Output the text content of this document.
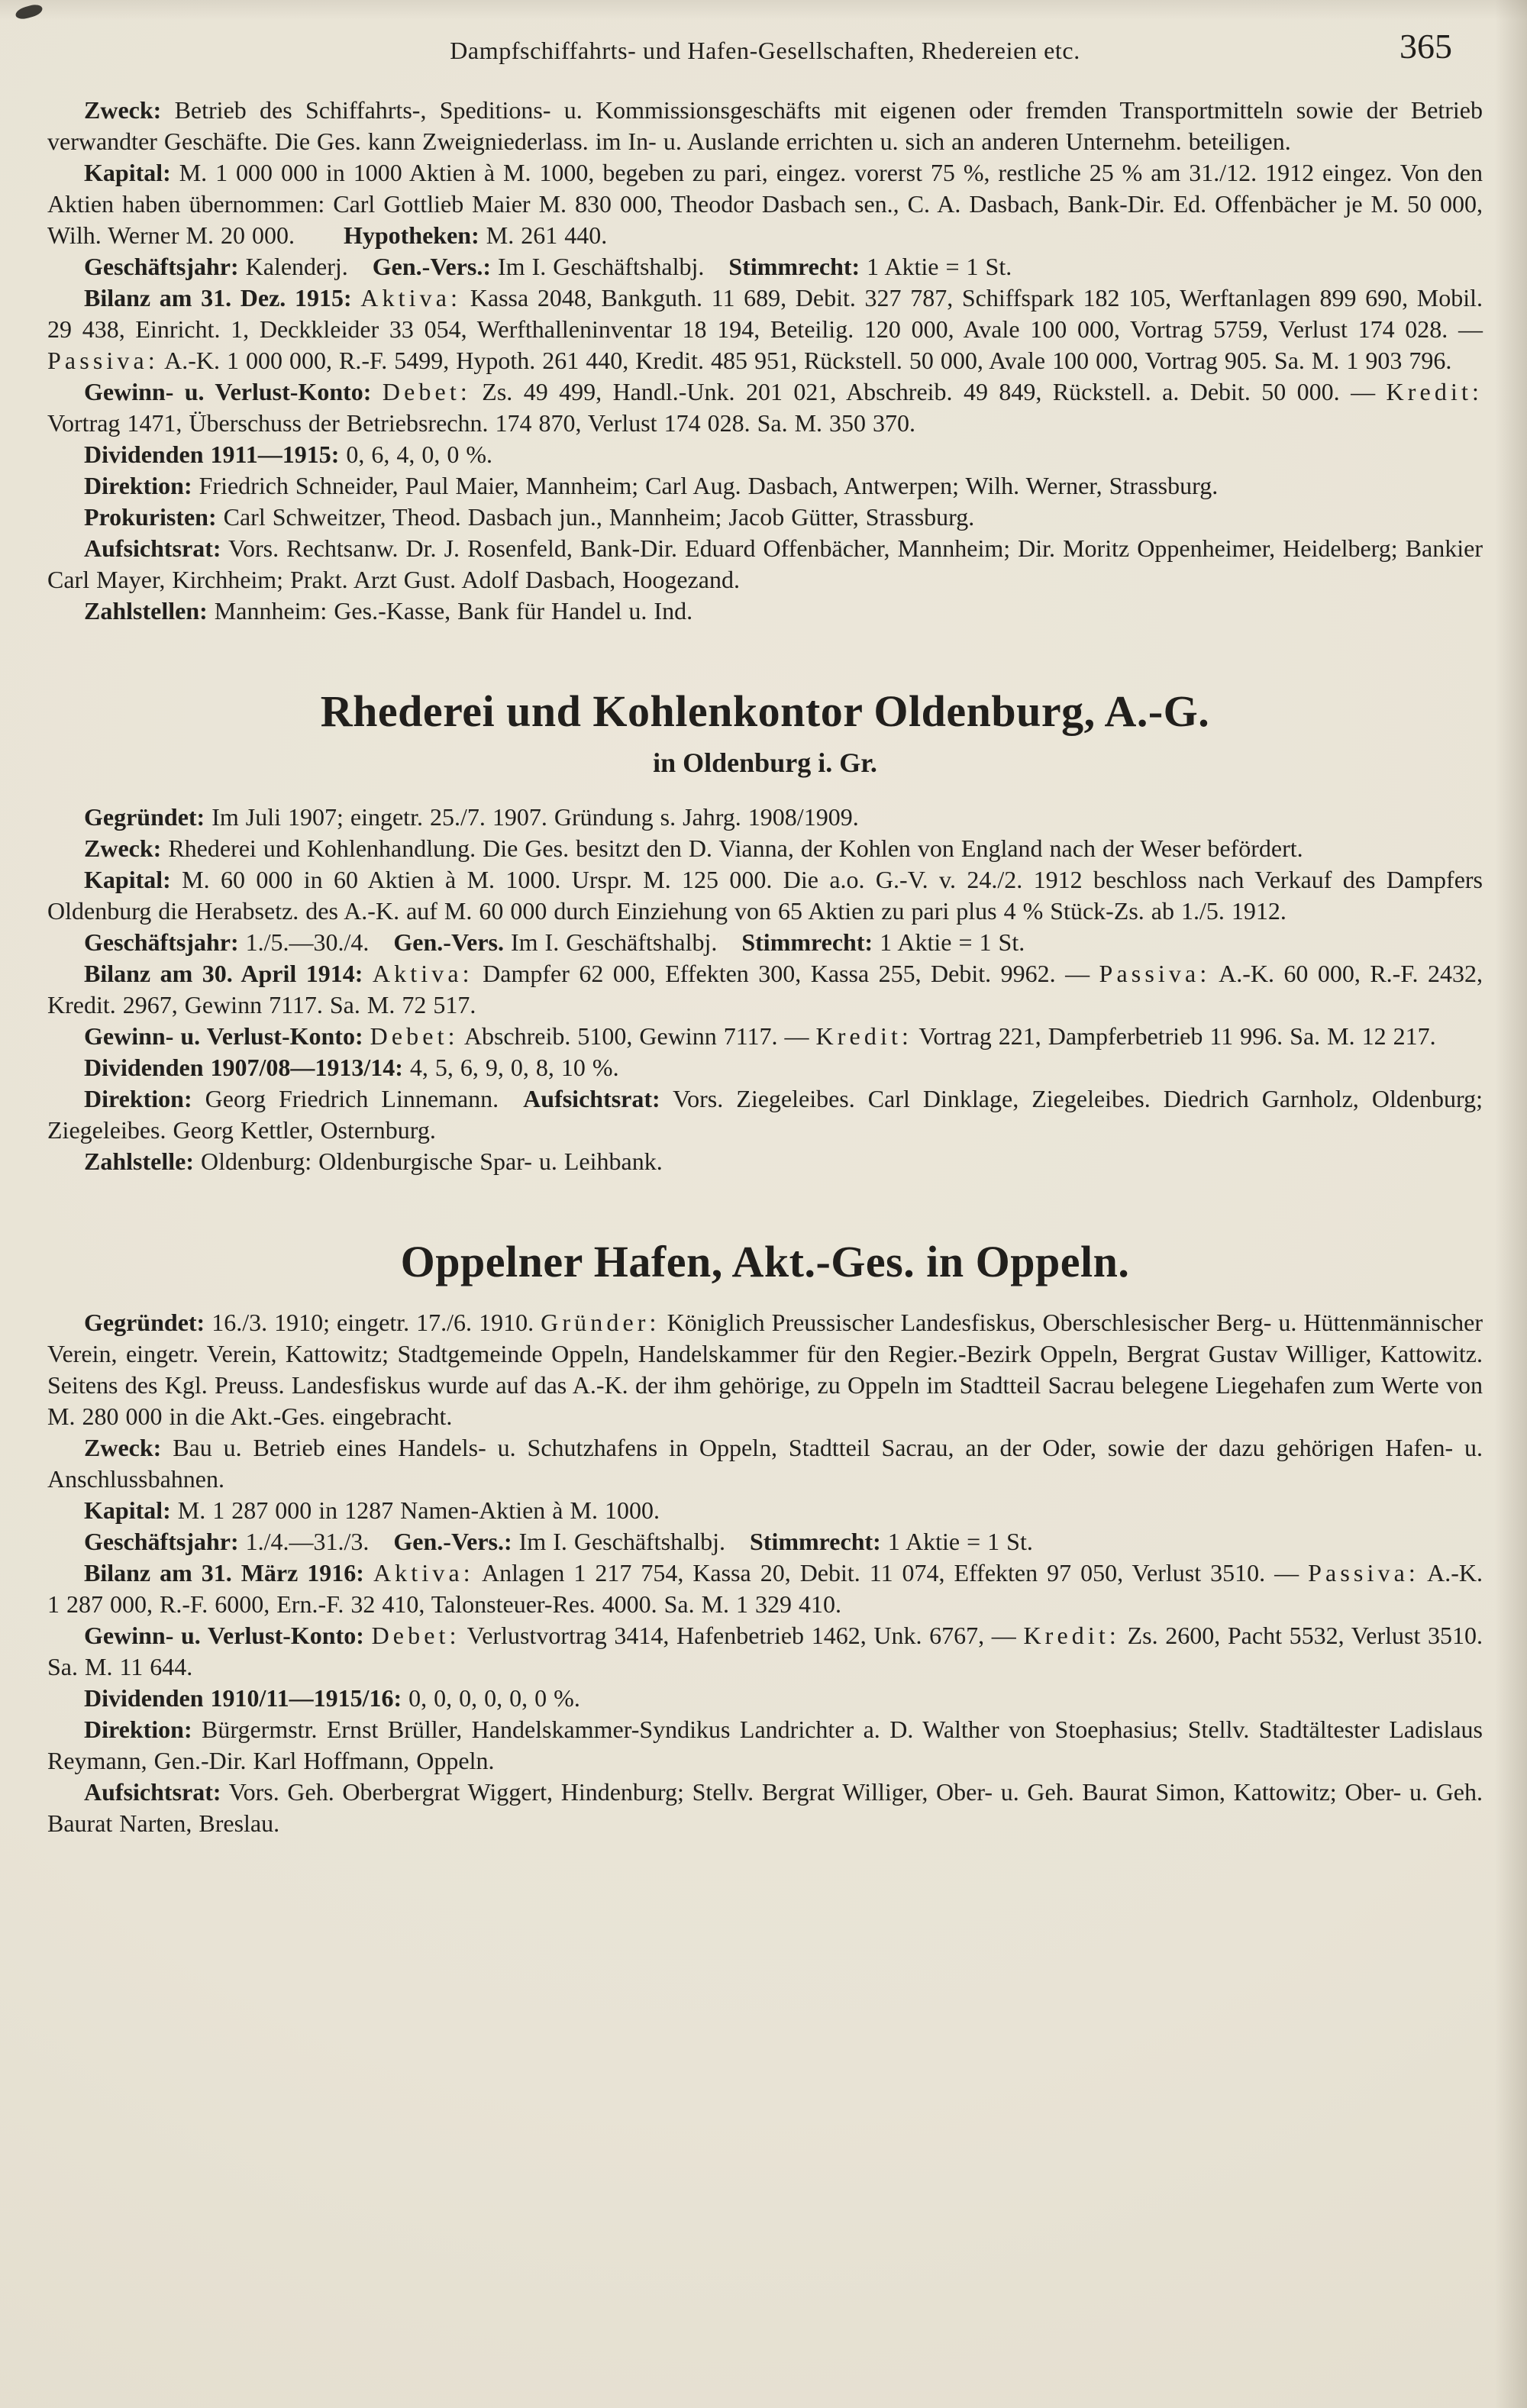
Dampfschiffahrts- und Hafen-Gesellschaften, Rhedereien etc.	365

Zweck: Betrieb des Schiffahrts-, Speditions- u. Kommissionsgeschäfts mit eigenen oder fremden Transportmitteln sowie der Betrieb verwandter Geschäfte. Die Ges. kann Zweigniederlass. im In- u. Auslande errichten u. sich an anderen Unternehm. beteiligen.

Kapital: M. 1 000 000 in 1000 Aktien à M. 1000, begeben zu pari, eingez. vorerst 75 %, restliche 25 % am 31./12. 1912 eingez. Von den Aktien haben übernommen: Carl Gottlieb Maier M. 830 000, Theodor Dasbach sen., C. A. Dasbach, Bank-Dir. Ed. Offenbächer je M. 50 000, Wilh. Werner M. 20 000.  Hypotheken: M. 261 440.

Geschäftsjahr: Kalenderj. Gen.-Vers.: Im I. Geschäftshalbj. Stimmrecht: 1 Aktie = 1 St.

Bilanz am 31. Dez. 1915: Aktiva: Kassa 2048, Bankguth. 11 689, Debit. 327 787, Schiffspark 182 105, Werftanlagen 899 690, Mobil. 29 438, Einricht. 1, Deckkleider 33 054, Werfthalleninventar 18 194, Beteilig. 120 000, Avale 100 000, Vortrag 5759, Verlust 174 028. — Passiva: A.-K. 1 000 000, R.-F. 5499, Hypoth. 261 440, Kredit. 485 951, Rückstell. 50 000, Avale 100 000, Vortrag 905. Sa. M. 1 903 796.

Gewinn- u. Verlust-Konto: Debet: Zs. 49 499, Handl.-Unk. 201 021, Abschreib. 49 849, Rückstell. a. Debit. 50 000. — Kredit: Vortrag 1471, Überschuss der Betriebsrechn. 174 870, Verlust 174 028. Sa. M. 350 370.

Dividenden 1911—1915: 0, 6, 4, 0, 0 %.

Direktion: Friedrich Schneider, Paul Maier, Mannheim; Carl Aug. Dasbach, Antwerpen; Wilh. Werner, Strassburg.

Prokuristen: Carl Schweitzer, Theod. Dasbach jun., Mannheim; Jacob Gütter, Strassburg.

Aufsichtsrat: Vors. Rechtsanw. Dr. J. Rosenfeld, Bank-Dir. Eduard Offenbächer, Mannheim; Dir. Moritz Oppenheimer, Heidelberg; Bankier Carl Mayer, Kirchheim; Prakt. Arzt Gust. Adolf Dasbach, Hoogezand.

Zahlstellen: Mannheim: Ges.-Kasse, Bank für Handel u. Ind.

Rhederei und Kohlenkontor Oldenburg, A.-G.
in Oldenburg i. Gr.

Gegründet: Im Juli 1907; eingetr. 25./7. 1907. Gründung s. Jahrg. 1908/1909.

Zweck: Rhederei und Kohlenhandlung. Die Ges. besitzt den D. Vianna, der Kohlen von England nach der Weser befördert.

Kapital: M. 60 000 in 60 Aktien à M. 1000. Urspr. M. 125 000. Die a.o. G.-V. v. 24./2. 1912 beschloss nach Verkauf des Dampfers Oldenburg die Herabsetz. des A.-K. auf M. 60 000 durch Einziehung von 65 Aktien zu pari plus 4 % Stück-Zs. ab 1./5. 1912.

Geschäftsjahr: 1./5.—30./4. Gen.-Vers. Im I. Geschäftshalbj. Stimmrecht: 1 Aktie = 1 St.

Bilanz am 30. April 1914: Aktiva: Dampfer 62 000, Effekten 300, Kassa 255, Debit. 9962. — Passiva: A.-K. 60 000, R.-F. 2432, Kredit. 2967, Gewinn 7117. Sa. M. 72 517.

Gewinn- u. Verlust-Konto: Debet: Abschreib. 5100, Gewinn 7117. — Kredit: Vortrag 221, Dampferbetrieb 11 996. Sa. M. 12 217.

Dividenden 1907/08—1913/14: 4, 5, 6, 9, 0, 8, 10 %.

Direktion: Georg Friedrich Linnemann. Aufsichtsrat: Vors. Ziegeleibes. Carl Dinklage, Ziegeleibes. Diedrich Garnholz, Oldenburg; Ziegeleibes. Georg Kettler, Osternburg.

Zahlstelle: Oldenburg: Oldenburgische Spar- u. Leihbank.

Oppelner Hafen, Akt.-Ges. in Oppeln.

Gegründet: 16./3. 1910; eingetr. 17./6. 1910. Gründer: Königlich Preussischer Landesfiskus, Oberschlesischer Berg- u. Hüttenmännischer Verein, eingetr. Verein, Kattowitz; Stadtgemeinde Oppeln, Handelskammer für den Regier.-Bezirk Oppeln, Bergrat Gustav Williger, Kattowitz. Seitens des Kgl. Preuss. Landesfiskus wurde auf das A.-K. der ihm gehörige, zu Oppeln im Stadtteil Sacrau belegene Liegehafen zum Werte von M. 280 000 in die Akt.-Ges. eingebracht.

Zweck: Bau u. Betrieb eines Handels- u. Schutzhafens in Oppeln, Stadtteil Sacrau, an der Oder, sowie der dazu gehörigen Hafen- u. Anschlussbahnen.

Kapital: M. 1 287 000 in 1287 Namen-Aktien à M. 1000.

Geschäftsjahr: 1./4.—31./3. Gen.-Vers.: Im I. Geschäftshalbj. Stimmrecht: 1 Aktie = 1 St.

Bilanz am 31. März 1916: Aktiva: Anlagen 1 217 754, Kassa 20, Debit. 11 074, Effekten 97 050, Verlust 3510. — Passiva: A.-K. 1 287 000, R.-F. 6000, Ern.-F. 32 410, Talonsteuer-Res. 4000. Sa. M. 1 329 410.

Gewinn- u. Verlust-Konto: Debet: Verlustvortrag 3414, Hafenbetrieb 1462, Unk. 6767, — Kredit: Zs. 2600, Pacht 5532, Verlust 3510. Sa. M. 11 644.

Dividenden 1910/11—1915/16: 0, 0, 0, 0, 0, 0 %.

Direktion: Bürgermstr. Ernst Brüller, Handelskammer-Syndikus Landrichter a. D. Walther von Stoephasius; Stellv. Stadtältester Ladislaus Reymann, Gen.-Dir. Karl Hoffmann, Oppeln.

Aufsichtsrat: Vors. Geh. Oberbergrat Wiggert, Hindenburg; Stellv. Bergrat Williger, Ober- u. Geh. Baurat Simon, Kattowitz; Ober- u. Geh. Baurat Narten, Breslau.
